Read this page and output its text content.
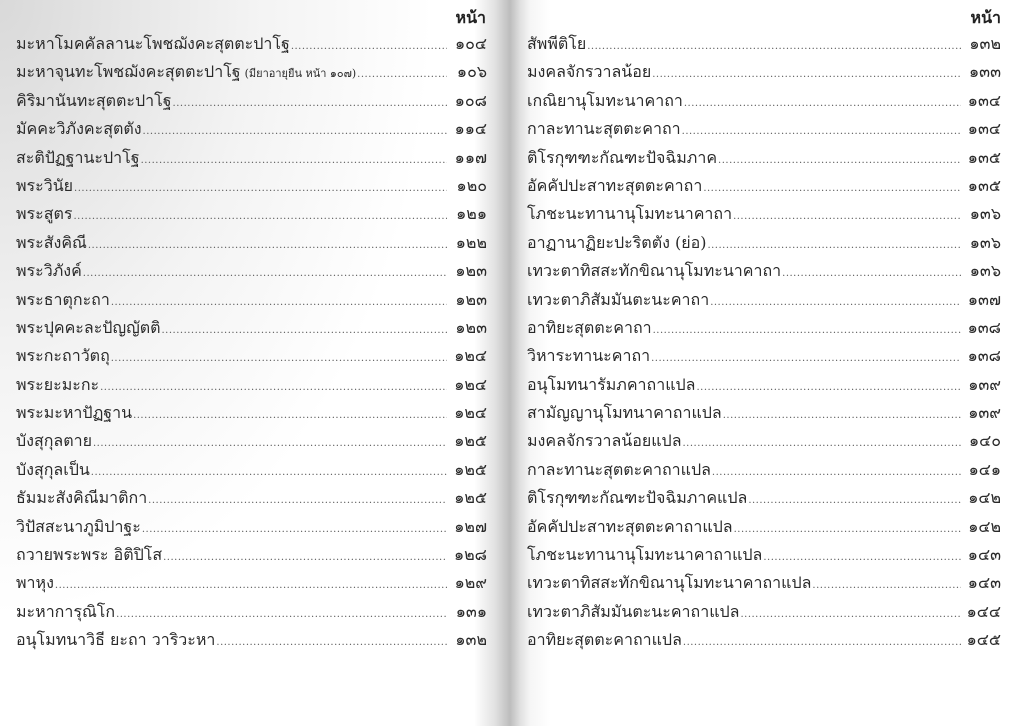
หน้า
มะหาโมคคัลลานะโพชฌังคะสุตตะปาโฐ .....	๑๐๔
มะหาจุนทะโพชฌังคะสุตตะปาโฐ (มียาอายุยืน หน้า ๑๐๗) .....	๑๐๖
คิริมานันทะสุตตะปาโฐ .....	๑๐๘
มัคคะวิภังคะสุตตัง .....	๑๑๔
สะติปัฏฐานะปาโฐ .....	๑๑๗
พระวินัย .....	๑๒๐
พระสูตร .....	๑๒๑
พระสังคิณี .....	๑๒๒
พระวิภังค์ .....	๑๒๓
พระธาตุกะถา .....	๑๒๓
พระปุคคะละปัญญัตติ .....	๑๒๓
พระกะถาวัตถุ .....	๑๒๔
พระยะมะกะ .....	๑๒๔
พระมะหาปัฏฐาน .....	๑๒๔
บังสุกุลตาย .....	๑๒๕
บังสุกุลเป็น .....	๑๒๕
ธัมมะสังคิณีมาติกา .....	๑๒๕
วิปัสสะนาภูมิปาฐะ .....	๑๒๗
ถวายพระพระ อิติปิโส .....	๑๒๘
พาหุง .....	๑๒๙
มะหาการุณิโก .....	๑๓๑
อนุโมทนาวิธี ยะถา วาริวะหา .....	๑๓๒
หน้า
สัพพีติโย .....	๑๓๒
มงคลจักรวาลน้อย .....	๑๓๓
เกณิยานุโมทะนาคาถา .....	๑๓๔
กาละทานะสุตตะคาถา .....	๑๓๔
ติโรกุฑฑะกัณฑะปัจฉิมภาค .....	๑๓๕
อัคคัปปะสาทะสุตตะคาถา .....	๑๓๕
โภชะนะทานานุโมทะนาคาถา .....	๑๓๖
อาฏานาฏิยะปะริตตัง (ย่อ) .....	๑๓๖
เทวะตาทิสสะทักขิณานุโมทะนาคาถา .....	๑๓๖
เทวะตาภิสัมมันตะนะคาถา .....	๑๓๗
อาทิยะสุตตะคาถา .....	๑๓๘
วิหาระทานะคาถา .....	๑๓๘
อนุโมทนารัมภคาถาแปล .....	๑๓๙
สามัญญานุโมทนาคาถาแปล .....	๑๓๙
มงคลจักรวาลน้อยแปล .....	๑๔๐
กาละทานะสุตตะคาถาแปล .....	๑๔๑
ติโรกุฑฑะกัณฑะปัจฉิมภาคแปล .....	๑๔๒
อัคคัปปะสาทะสุตตะคาถาแปล .....	๑๔๒
โภชะนะทานานุโมทะนาคาถาแปล .....	๑๔๓
เทวะตาทิสสะทักขิณานุโมทะนาคาถาแปล .....	๑๔๓
เทวะตาภิสัมมันตะนะคาถาแปล .....	๑๔๔
อาทิยะสุตตะคาถาแปล .....	๑๔๕
